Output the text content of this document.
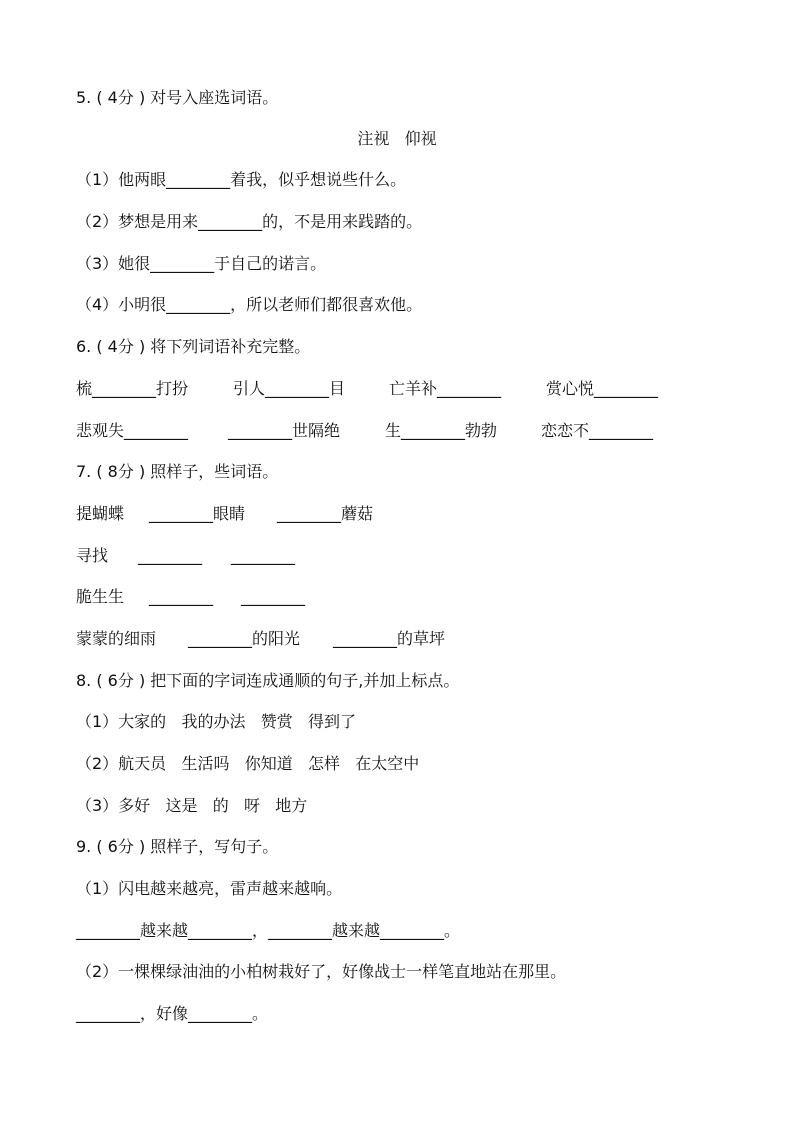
5. ( 4分 ) 对号入座选词语。
注视   仰视
（1）他两眼________着我，似乎想说些什么。
（2）梦想是用来________的，不是用来践踏的。
（3）她很________于自己的诺言。
（4）小明很________，所以老师们都很喜欢他。
6. ( 4分 ) 将下列词语补充完整。
梳________打扮	引人________目	亡羊补________	赏心悦________
悲观失________ ________世隔绝	生________勃勃	恋恋不________
7. ( 8分 ) 照样子，些词语。
提蝴蝶 ________眼睛 ________蘑菇
寻找 ________ ________
脆生生 ________ ________
蒙蒙的细雨 ________的阳光 ________的草坪
8. ( 6分 ) 把下面的字词连成通顺的句子,并加上标点。
（1）大家的   我的办法   赞赏   得到了
（2）航天员   生活吗   你知道   怎样   在太空中
（3）多好   这是   的   呀   地方
9. ( 6分 ) 照样子，写句子。
（1）闪电越来越亮，雷声越来越响。
________越来越________，________越来越________。
（2）一棵棵绿油油的小柏树栽好了，好像战士一样笔直地站在那里。
________，好像________。
